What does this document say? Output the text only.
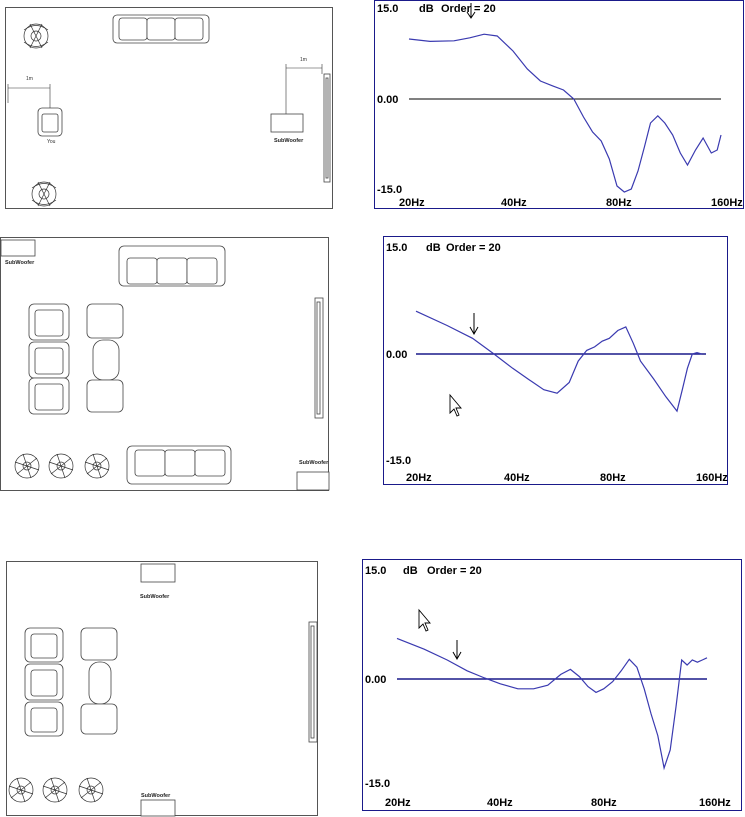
You
1m
1m
SubWoofer
15.0 dB Order = 20
0.00
-15.0
20Hz	40Hz	80Hz	160Hz
SubWoofer
SubWoofer
15.0 dB Order = 20
0.00
-15.0
20Hz	40Hz	80Hz	160Hz
SubWoofer
SubWoofer
15.0 dB Order = 20
0.00
-15.0
20Hz	40Hz	80Hz	160Hz
